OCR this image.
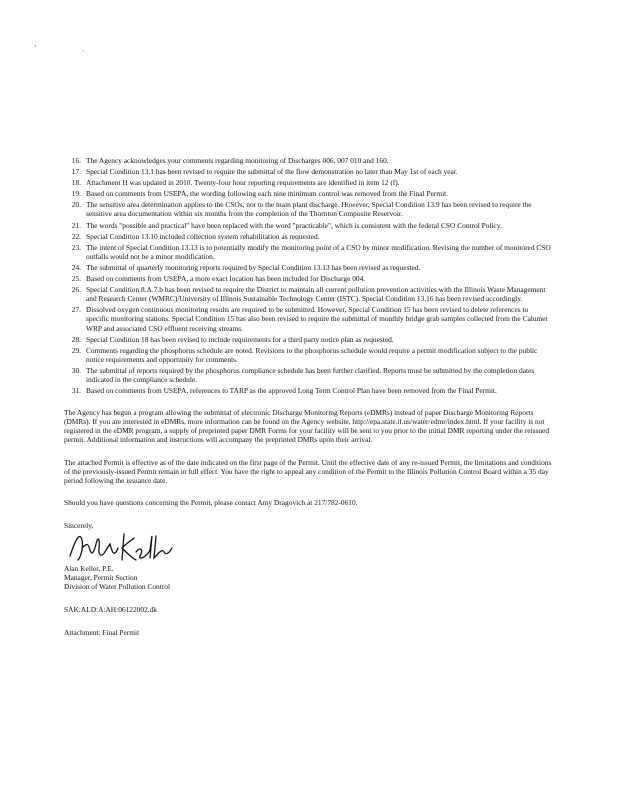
ʼ	ˏ
16. The Agency acknowledges your comments regarding monitoring of Discharges 006, 007 010 and 160.
17. Special Condition 13.1 has been revised to require the submittal of the flow demonstration no later than May 1st of each year.
18. Attachment H was updated in 2010. Twenty-four hour reporting requirements are identified in item 12 (f).
19. Based on comments from USEPA, the wording following each nine minimum control was removed from the Final Permit.
20. The sensitive area determination applies to the CSOs, not to the main plant discharge. However, Special Condition 13.9 has been revised to require the sensitive area documentation within six months from the completion of the Thornton Composite Reservoir.
21. The words "possible and practical" have been replaced with the word "practicable", which is consistent with the federal CSO Control Policy.
22. Special Condition 13.10 included collection system rehabilitation as requested.
23. The intent of Special Condition 13.13 is to potentially modify the monitoring point of a CSO by minor modification. Revising the number of monitored CSO outfalls would not be a minor modification.
24. The submittal of quarterly monitoring reports required by Special Condition 13.13 has been revised as requested.
25. Based on comments from USEPA, a more exact location has been included for Discharge 004.
26. Special Condition 8.A.7.b has been revised to require the District to maintain all current pollution prevention activities with the Illinois Waste Management and Research Center (WMRC)/University of Illinois Sustainable Technology Center (ISTC). Special Condition 13.16 has been revised accordingly.
27. Dissolved oxygen continuous monitoring results are required to be submitted. However, Special Condition 15 has been revised to delete references to specific monitoring stations. Special Condition 15 has also been revised to require the submittal of monthly bridge grab samples collected from the Calumet WRP and associated CSO effluent receiving streams.
28. Special Condition 18 has been revised to include requirements for a third party notice plan as requested.
29. Comments regarding the phosphorus schedule are noted. Revisions to the phosphorus schedule would require a permit modification subject to the public notice requirements and opportunity for comments.
30. The submittal of reports required by the phosphorus compliance schedule has been further clarified. Reports must be submitted by the completion dates indicated in the compliance schedule.
31. Based on comments from USEPA, references to TARP as the approved Long Term Control Plan have been removed from the Final Permit.
The Agency has begun a program allowing the submittal of electronic Discharge Monitoring Reports (eDMRs) instead of paper Discharge Monitoring Reports (DMRs). If you are interested in eDMRs, more information can be found on the Agency website, http://epa.state.il.us/water/edmr/index.html. If your facility is not registered in the eDMR program, a supply of preprinted paper DMR Forms for your facility will be sent to you prior to the initial DMR reporting under the reissued permit. Additional information and instructions will accompany the preprinted DMRs upon their arrival.
The attached Permit is effective as of the date indicated on the first page of the Permit. Until the effective date of any re-issued Permit, the limitations and conditions of the previously-issued Permit remain in full effect. You have the right to appeal any condition of the Permit to the Illinois Pollution Control Board within a 35 day period following the issuance date.
Should you have questions concerning the Permit, please contact Amy Dragovich at 217/782-0610.
Sincerely,
Alan Keller, P.E.
Manager, Permit Section
Division of Water Pollution Control
SAK:ALD:A:AH:06122002.dk
Attachment: Final Permit
